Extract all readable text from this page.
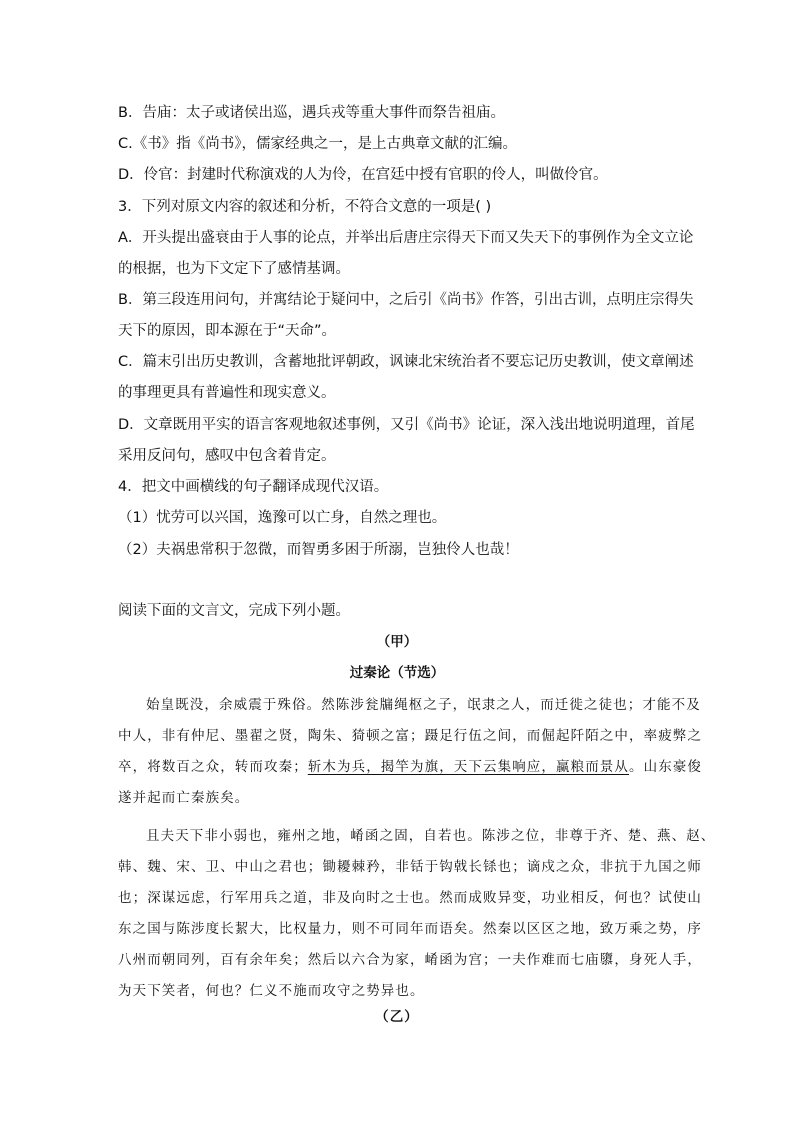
B．告庙：太子或诸侯出巡，遇兵戎等重大事件而祭告祖庙。
C.《书》指《尚书》，儒家经典之一，是上古典章文献的汇编。
D．伶官：封建时代称演戏的人为伶，在宫廷中授有官职的伶人，叫做伶官。
3．下列对原文内容的叙述和分析，不符合文意的一项是( )
A．开头提出盛衰由于人事的论点，并举出后唐庄宗得天下而又失天下的事例作为全文立论
的根据，也为下文定下了感情基调。
B．第三段连用问句，并寓结论于疑问中，之后引《尚书》作答，引出古训，点明庄宗得失
天下的原因，即本源在于“天命”。
C．篇末引出历史教训，含蓄地批评朝政，讽谏北宋统治者不要忘记历史教训，使文章阐述
的事理更具有普遍性和现实意义。
D．文章既用平实的语言客观地叙述事例，又引《尚书》论证，深入浅出地说明道理，首尾
采用反问句，感叹中包含着肯定。
4．把文中画横线的句子翻译成现代汉语。
（1）忧劳可以兴国，逸豫可以亡身，自然之理也。
（2）夫祸患常积于忽微，而智勇多困于所溺，岂独伶人也哉！
阅读下面的文言文，完成下列小题。
（甲）
过秦论（节选）
始皇既没，余威震于殊俗。然陈涉瓮牖绳枢之子，氓隶之人，而迁徙之徒也；才能不及
中人，非有仲尼、墨翟之贤，陶朱、猗顿之富；蹑足行伍之间，而倔起阡陌之中，率疲弊之
卒，将数百之众，转而攻秦；斩木为兵，揭竿为旗，天下云集响应，赢粮而景从。山东豪俊
遂并起而亡秦族矣。
且夫天下非小弱也，雍州之地，崤函之固，自若也。陈涉之位，非尊于齐、楚、燕、赵、
韩、魏、宋、卫、中山之君也；锄耰棘矜，非铦于钩戟长铩也；谪戍之众，非抗于九国之师
也；深谋远虑，行军用兵之道，非及向时之士也。然而成败异变，功业相反，何也？试使山
东之国与陈涉度长絜大，比权量力，则不可同年而语矣。然秦以区区之地，致万乘之势，序
八州而朝同列，百有余年矣；然后以六合为家，崤函为宫；一夫作难而七庙隳，身死人手，
为天下笑者，何也？仁义不施而攻守之势异也。
（乙）
